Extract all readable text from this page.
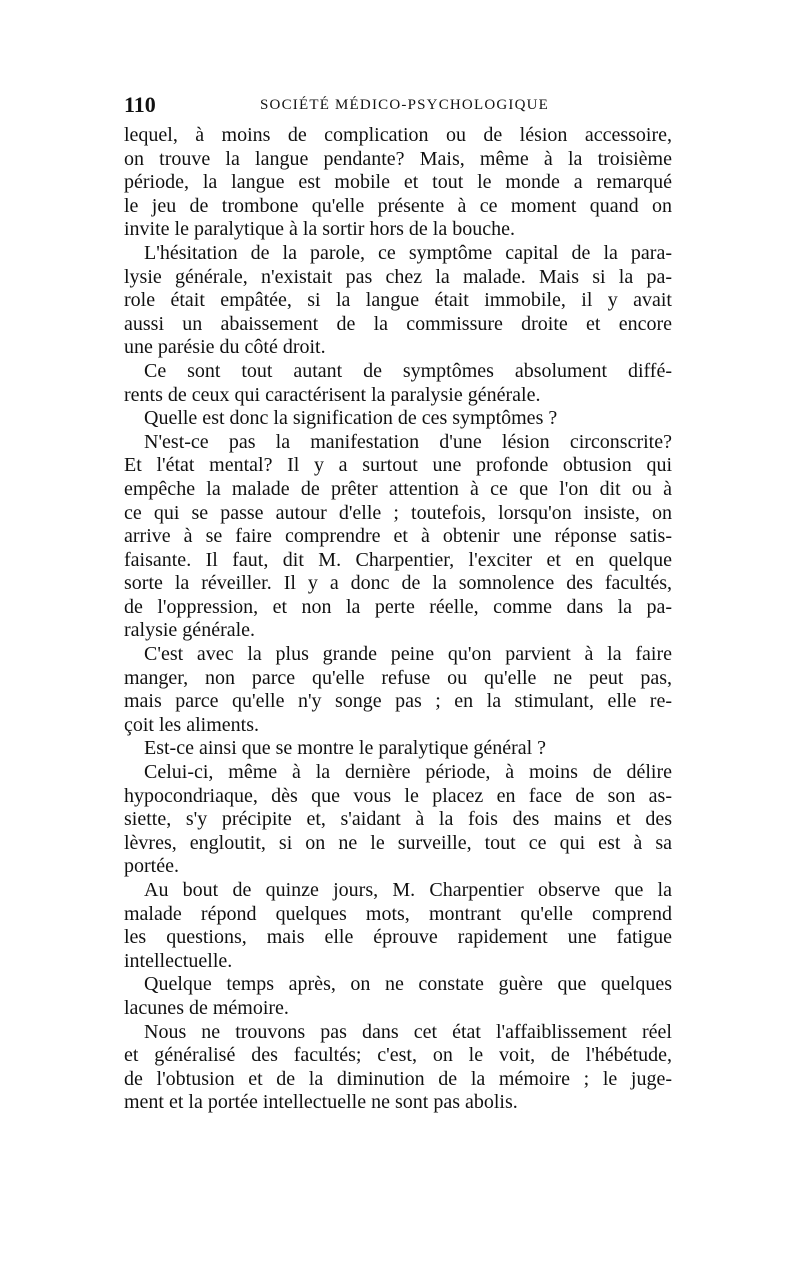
110	SOCIÉTÉ MÉDICO-PSYCHOLOGIQUE
lequel, à moins de complication ou de lésion accessoire,
on trouve la langue pendante? Mais, même à la troisième
période, la langue est mobile et tout le monde a remarqué
le jeu de trombone qu'elle présente à ce moment quand on
invite le paralytique à la sortir hors de la bouche.
L'hésitation de la parole, ce symptôme capital de la para-
lysie générale, n'existait pas chez la malade. Mais si la pa-
role était empâtée, si la langue était immobile, il y avait
aussi un abaissement de la commissure droite et encore
une parésie du côté droit.
Ce sont tout autant de symptômes absolument diffé-
rents de ceux qui caractérisent la paralysie générale.
Quelle est donc la signification de ces symptômes ?
N'est-ce pas la manifestation d'une lésion circonscrite?
Et l'état mental? Il y a surtout une profonde obtusion qui
empêche la malade de prêter attention à ce que l'on dit ou à
ce qui se passe autour d'elle ; toutefois, lorsqu'on insiste, on
arrive à se faire comprendre et à obtenir une réponse satis-
faisante. Il faut, dit M. Charpentier, l'exciter et en quelque
sorte la réveiller. Il y a donc de la somnolence des facultés,
de l'oppression, et non la perte réelle, comme dans la pa-
ralysie générale.
C'est avec la plus grande peine qu'on parvient à la faire
manger, non parce qu'elle refuse ou qu'elle ne peut pas,
mais parce qu'elle n'y songe pas ; en la stimulant, elle re-
çoit les aliments.
Est-ce ainsi que se montre le paralytique général ?
Celui-ci, même à la dernière période, à moins de délire
hypocondriaque, dès que vous le placez en face de son as-
siette, s'y précipite et, s'aidant à la fois des mains et des
lèvres, engloutit, si on ne le surveille, tout ce qui est à sa
portée.
Au bout de quinze jours, M. Charpentier observe que la
malade répond quelques mots, montrant qu'elle comprend
les questions, mais elle éprouve rapidement une fatigue
intellectuelle.
Quelque temps après, on ne constate guère que quelques
lacunes de mémoire.
Nous ne trouvons pas dans cet état l'affaiblissement réel
et généralisé des facultés; c'est, on le voit, de l'hébétude,
de l'obtusion et de la diminution de la mémoire ; le juge-
ment et la portée intellectuelle ne sont pas abolis.
